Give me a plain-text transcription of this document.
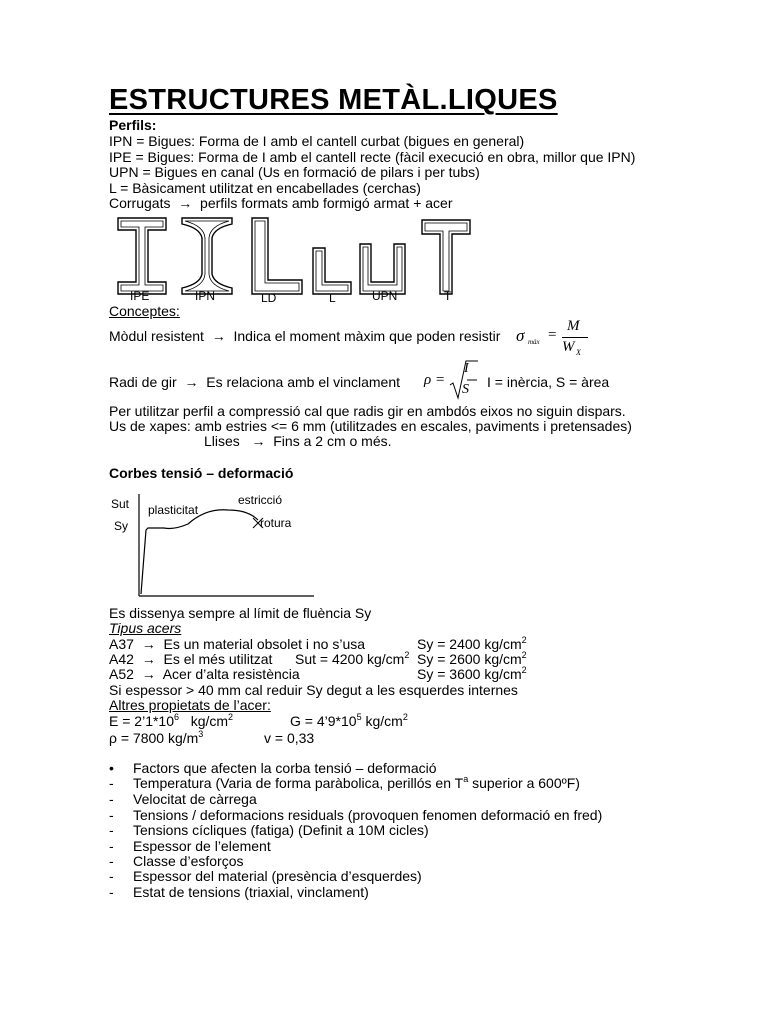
ESTRUCTURES METÀL.LIQUES
Perfils:
IPN = Bigues: Forma de I amb el cantell curbat (bigues en general)
IPE = Bigues: Forma de I amb el cantell recte (fàcil execució en obra, millor que IPN)
UPN = Bigues en canal (Us en formació de pilars i per tubs)
L = Bàsicament utilitzat en encabellades (cerchas)
Corrugats  →  perfils formats amb formigó armat + acer
IPE	IPN	LD	L	UPN	T
Conceptes:
Mòdul resistent  →  Indica el moment màxim que poden resistir σ màx =
M
W X
Radi de gir  →  Es relaciona amb el vinclament ρ =
I
S I = inèrcia, S = àrea
Per utilitzar perfil a compressió cal que radis gir en ambdós eixos no siguin dispars.
Us de xapes: amb estries <= 6 mm (utilitzades en escales, paviments i pretensades)
Llises   →  Fins a 2 cm o més.
Corbes tensió – deformació
Sut
Sy
plasticitat
estricció
rotura
Es dissenya sempre al límit de fluència Sy
Tipus acers
A37  →  Es un material obsolet i no s’usa	Sy = 2400 $kg/cm^2$
A42  →  Es el més utilitzat Sut = 4200 $kg/cm^2$ Sy = 2600 $kg/cm^2$
A52  →  Acer d’alta resistència	Sy = 3600 $kg/cm^2$
Si espessor > 40 mm cal reduir Sy degut a les esquerdes internes
Altres propietats de l’acer:
$E = 2’1*10^6$ $kg/cm^2$	$G = 4’9*10^5$ $kg/cm^2$
ρ = 7800 $kg/m^3$	v = 0,33
• Factors que afecten la corba tensió – deformació
- Temperatura (Varia de forma paràbolica, perillós en $T^a$ superior a 600ºF)
- Velocitat de càrrega
- Tensions / deformacions residuals (provoquen fenomen deformació en fred)
- Tensions cícliques (fatiga) (Definit a 10M cicles)
- Espessor de l’element
- Classe d’esforços
- Espessor del material (presència d’esquerdes)
- Estat de tensions (triaxial, vinclament)
